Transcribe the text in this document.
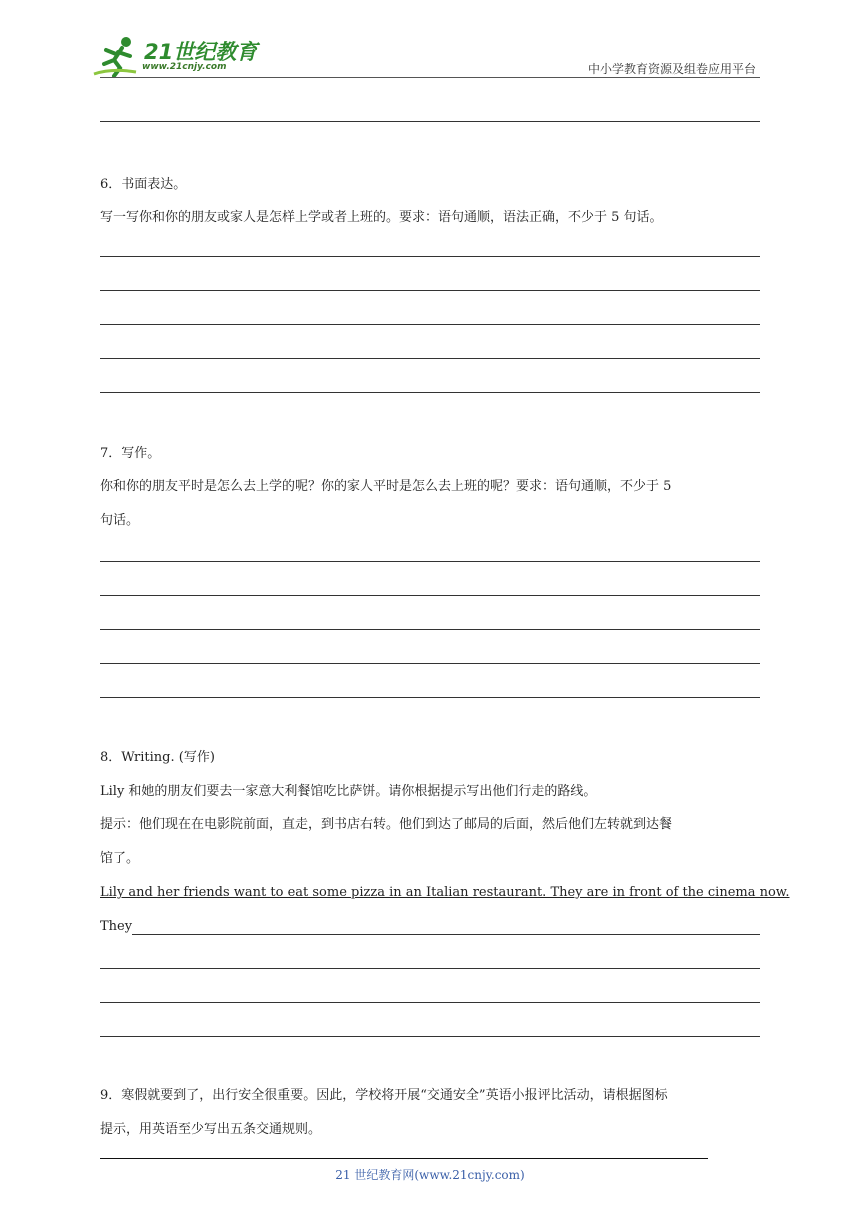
21世纪教育
www.21cnjy.com	中小学教育资源及组卷应用平台
6．书面表达。
写一写你和你的朋友或家人是怎样上学或者上班的。要求：语句通顺，语法正确，不少于 5 句话。
7．写作。
你和你的朋友平时是怎么去上学的呢？你的家人平时是怎么去上班的呢？要求：语句通顺，不少于 5
句话。
8．Writing. (写作)
Lily 和她的朋友们要去一家意大利餐馆吃比萨饼。请你根据提示写出他们行走的路线。
提示：他们现在在电影院前面，直走，到书店右转。他们到达了邮局的后面，然后他们左转就到达餐
馆了。
Lily and her friends want to eat some pizza in an Italian restaurant. They are in front of the cinema now.
They
9．寒假就要到了，出行安全很重要。因此，学校将开展“交通安全”英语小报评比活动，请根据图标
提示，用英语至少写出五条交通规则。
21 世纪教育网(www.21cnjy.com)
